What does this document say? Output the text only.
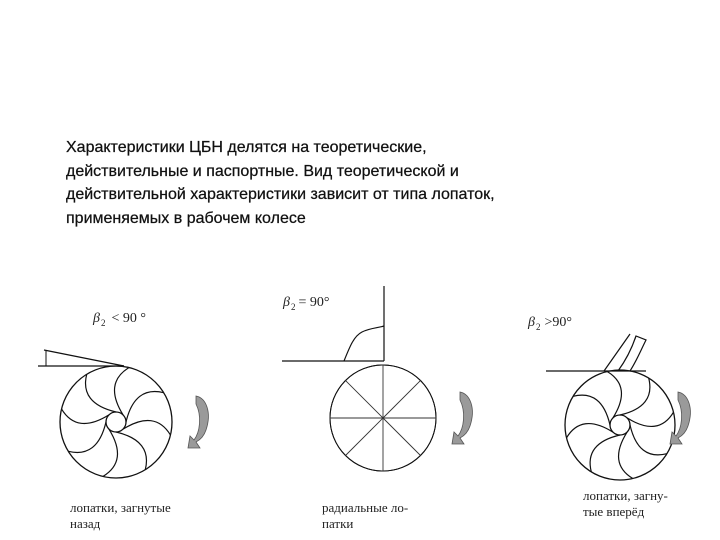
Характеристики ЦБН делятся на теоретические,
действительные и паспортные. Вид теоретической и
действительной характеристики зависит от типа лопаток,
применяемых в рабочем колесе
$\beta_2 < 90$ °
лопатки, загнутые
назад
$\beta_2 = 90^\circ$
радиальные ло-
патки
$\beta_2 >90^\circ$
лопатки, загну-
тые вперёд
